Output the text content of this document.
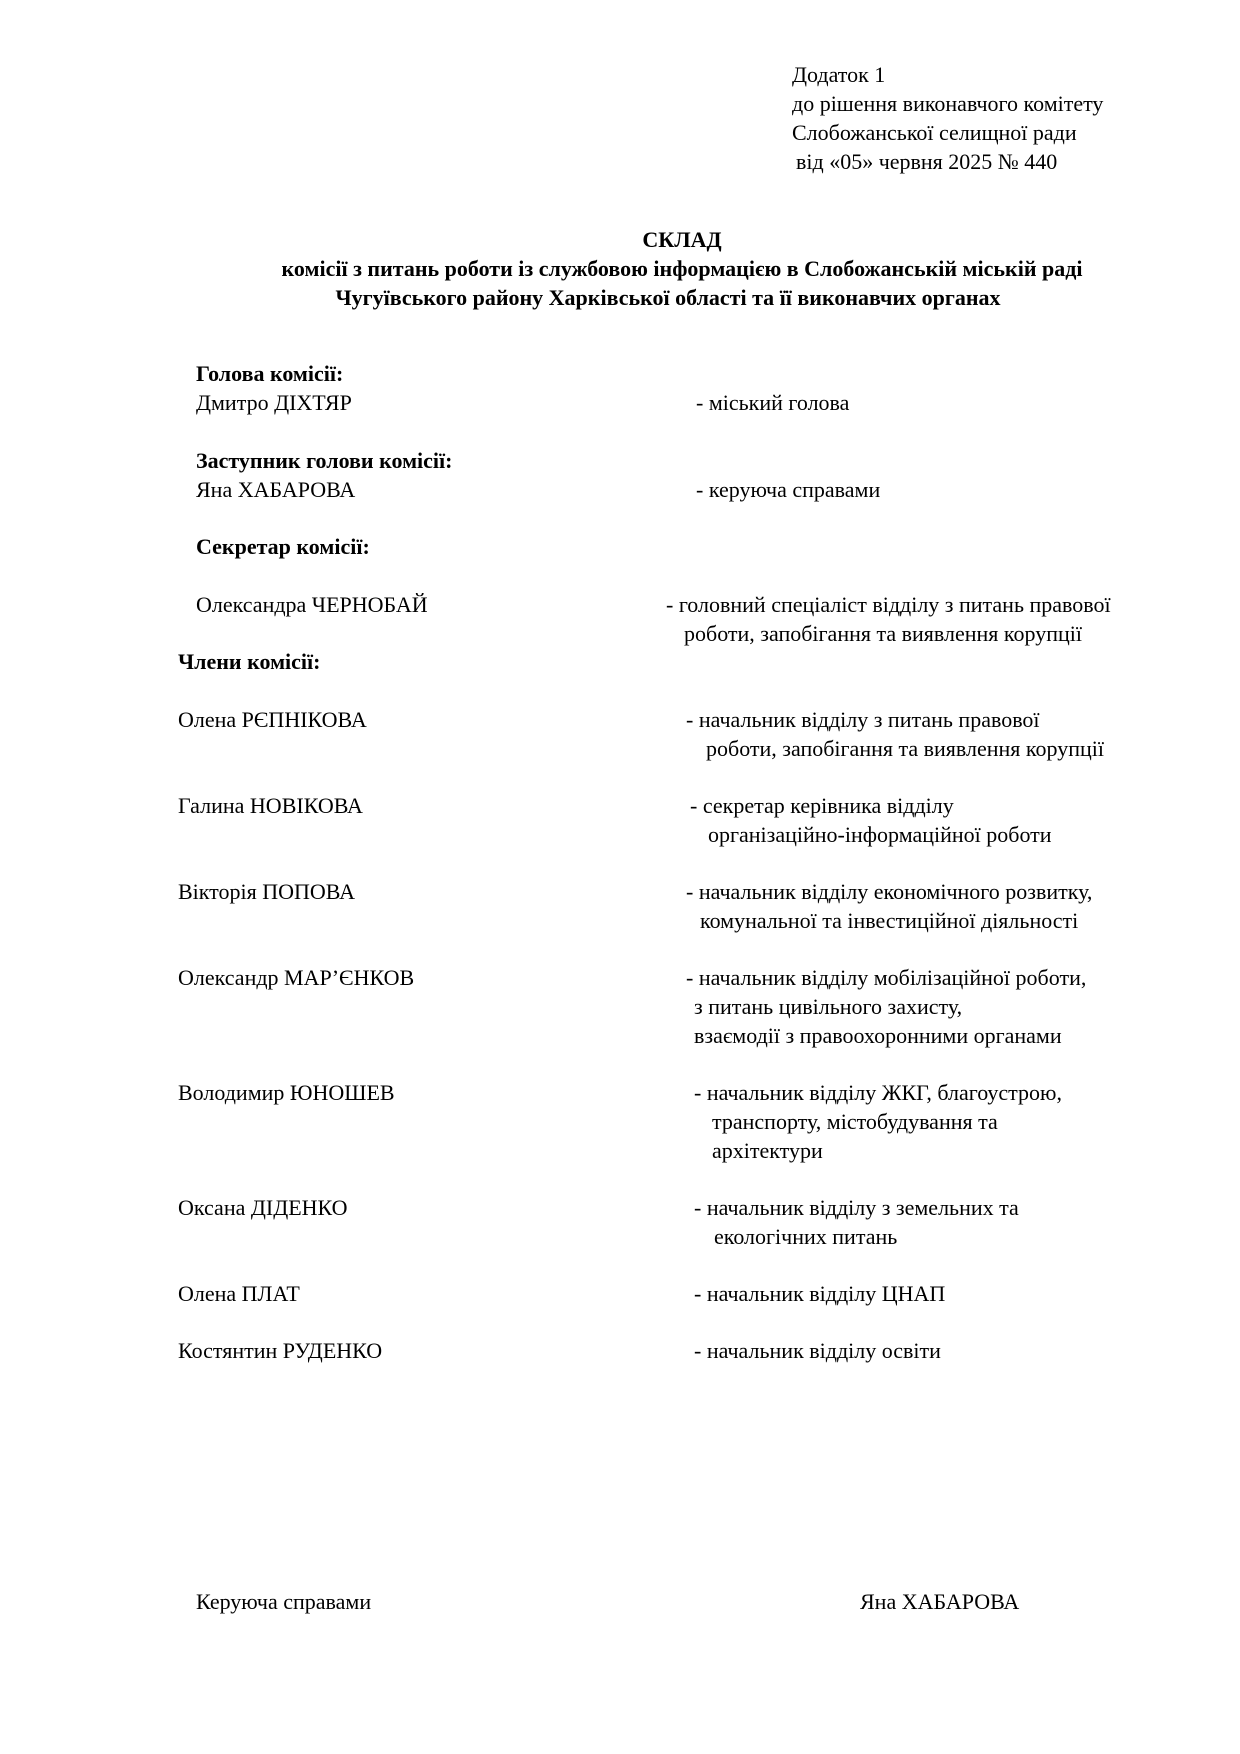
Додаток 1
до рішення виконавчого комітету
Слобожанської селищної ради
від «05» червня 2025 № 440
СКЛАД
комісії з питань роботи із службовою інформацією в Слобожанській міській раді
Чугуївського району Харківської області та її виконавчих органах
Голова комісії:
Дмитро ДІХТЯР	- міський голова
Заступник голови комісії:
Яна ХАБАРОВА	- керуюча справами
Секретар комісії:
Олександра ЧЕРНОБАЙ	- головний спеціаліст відділу з питань правової
роботи, запобігання та виявлення корупції
Члени комісії:
Олена РЄПНІКОВА	- начальник відділу з питань правової
роботи, запобігання та виявлення корупції
Галина НОВІКОВА	- секретар керівника відділу
організаційно-інформаційної роботи
Вікторія ПОПОВА	- начальник відділу економічного розвитку,
комунальної та інвестиційної діяльності
Олександр МАР’ЄНКОВ	- начальник відділу мобілізаційної роботи,
з питань цивільного захисту,
взаємодії з правоохоронними органами
Володимир ЮНОШЕВ	- начальник відділу ЖКГ, благоустрою,
транспорту, містобудування та
архітектури
Оксана ДІДЕНКО	- начальник відділу з земельних та
екологічних питань
Олена ПЛАТ	- начальник відділу ЦНАП
Костянтин РУДЕНКО	- начальник відділу освіти
Керуюча справами	Яна ХАБАРОВА
